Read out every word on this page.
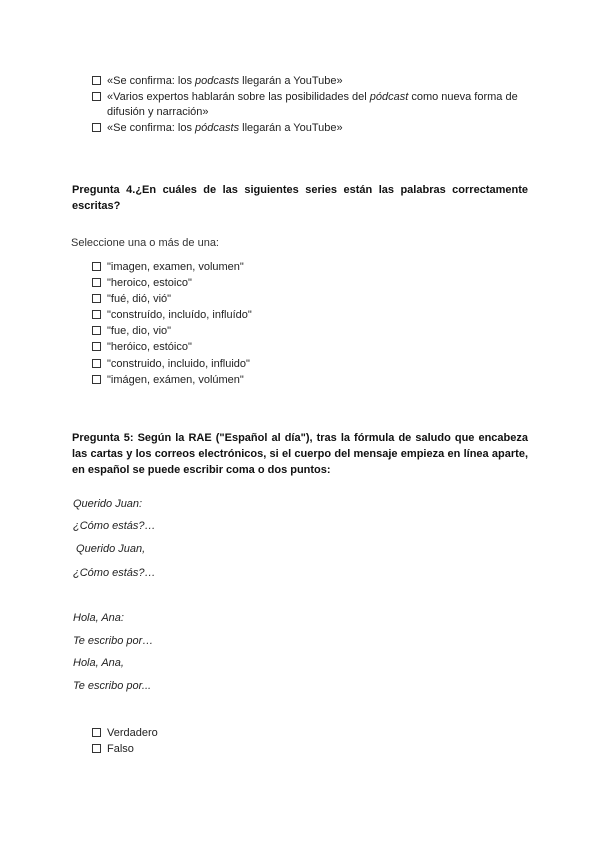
«Se confirma: los podcasts llegarán a YouTube»
«Varios expertos hablarán sobre las posibilidades del pódcast como nueva forma de difusión y narración»
«Se confirma: los pódcasts llegarán a YouTube»
Pregunta 4.¿En cuáles de las siguientes series están las palabras correctamente escritas?
Seleccione una o más de una:
"imagen, examen, volumen"
"heroico, estoico"
"fué, dió, vió"
"construído, incluído, influído"
"fue, dio, vio"
"heróico, estóico"
"construido, incluido, influido"
"imágen, exámen, volúmen"
Pregunta 5: Según la RAE ("Español al día"), tras la fórmula de saludo que encabeza las cartas y los correos electrónicos, si el cuerpo del mensaje empieza en línea aparte, en español se puede escribir coma o dos puntos:
Querido Juan:
¿Cómo estás?…
Querido Juan,
¿Cómo estás?…
Hola, Ana:
Te escribo por…
Hola, Ana,
Te escribo por...
Verdadero
Falso
